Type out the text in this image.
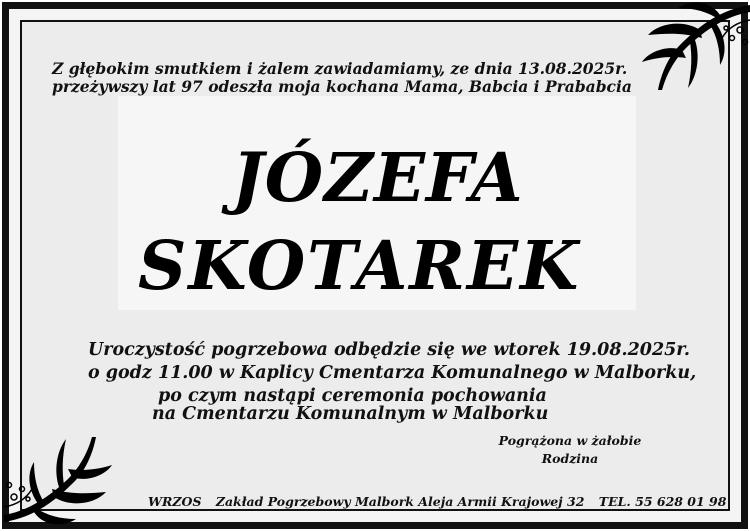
Z głębokim smutkiem i żalem zawiadamiamy, ze dnia 13.08.2025r.
przeżywszy lat 97 odeszła moja kochana Mama, Babcia i Prababcia
JÓZEFA
SKOTAREK
Uroczystość pogrzebowa odbędzie się we wtorek 19.08.2025r.
o godz 11.00 w Kaplicy Cmentarza Komunalnego w Malborku,
po czym nastąpi ceremonia pochowania
na Cmentarzu Komunalnym w Malborku
Pogrążona w żałobie
Rodzina
WRZOS Zakład Pogrzebowy Malbork Aleja Armii Krajowej 32 TEL. 55 628 01 98
